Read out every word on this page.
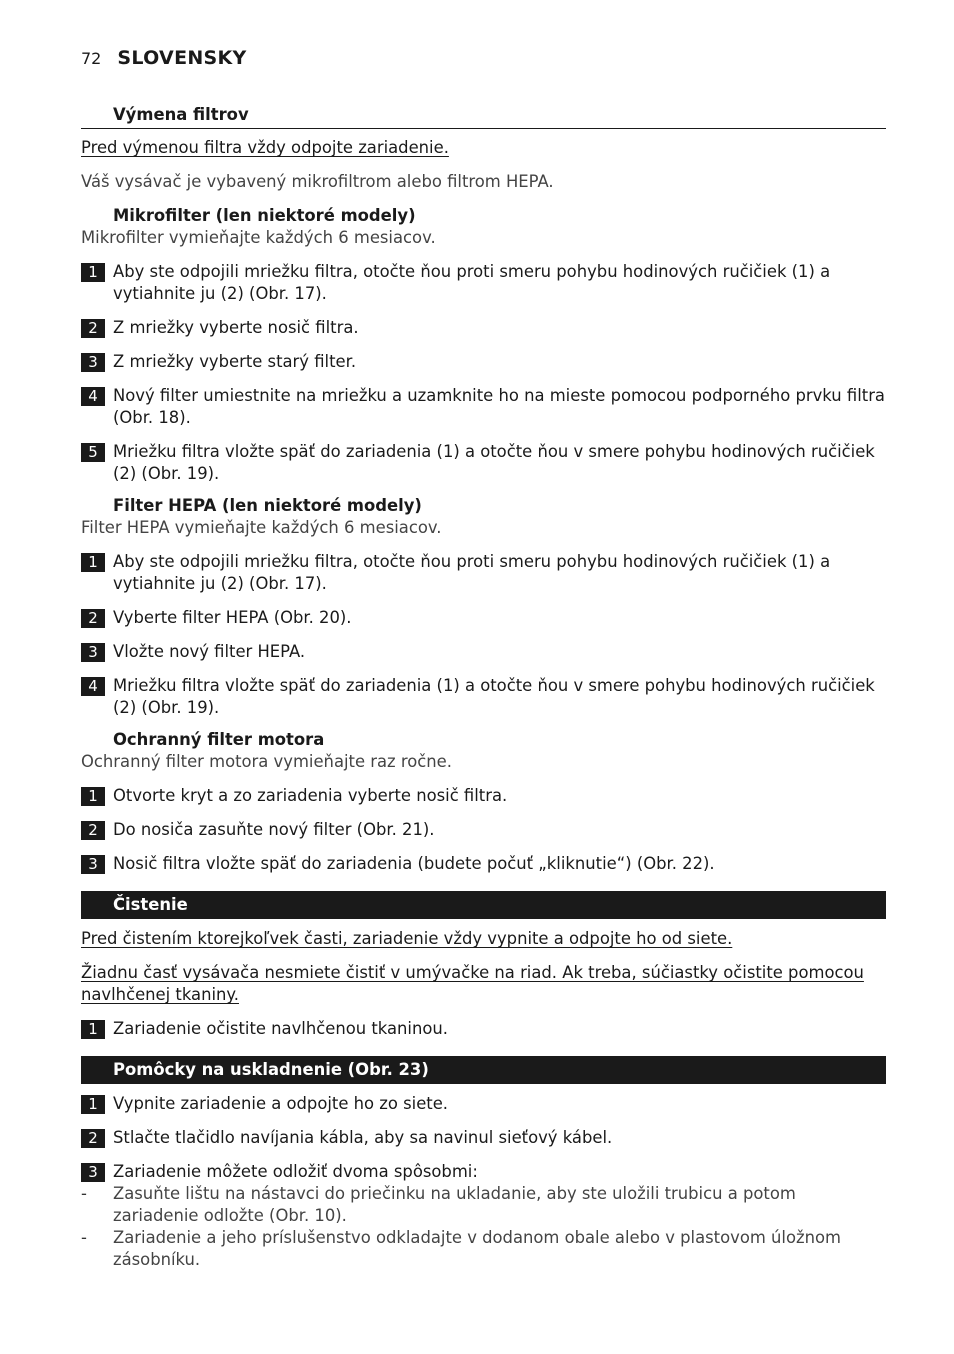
72 SLOVENSKY
Výmena filtrov
Pred výmenou filtra vždy odpojte zariadenie.
Váš vysávač je vybavený mikrofiltrom alebo filtrom HEPA.
Mikrofilter (len niektoré modely)
Mikrofilter vymieňajte každých 6 mesiacov.
1 Aby ste odpojili mriežku filtra, otočte ňou proti smeru pohybu hodinových ručičiek (1) a vytiahnite ju (2) (Obr. 17).
2 Z mriežky vyberte nosič filtra.
3 Z mriežky vyberte starý filter.
4 Nový filter umiestnite na mriežku a uzamknite ho na mieste pomocou podporného prvku filtra (Obr. 18).
5 Mriežku filtra vložte späť do zariadenia (1) a otočte ňou v smere pohybu hodinových ručičiek (2) (Obr. 19).
Filter HEPA (len niektoré modely)
Filter HEPA vymieňajte každých 6 mesiacov.
1 Aby ste odpojili mriežku filtra, otočte ňou proti smeru pohybu hodinových ručičiek (1) a vytiahnite ju (2) (Obr. 17).
2 Vyberte filter HEPA (Obr. 20).
3 Vložte nový filter HEPA.
4 Mriežku filtra vložte späť do zariadenia (1) a otočte ňou v smere pohybu hodinových ručičiek (2) (Obr. 19).
Ochranný filter motora
Ochranný filter motora vymieňajte raz ročne.
1 Otvorte kryt a zo zariadenia vyberte nosič filtra.
2 Do nosiča zasuňte nový filter (Obr. 21).
3 Nosič filtra vložte späť do zariadenia (budete počuť „kliknutie“) (Obr. 22).
Čistenie
Pred čistením ktorejkoľvek časti, zariadenie vždy vypnite a odpojte ho od siete.
Žiadnu časť vysávača nesmiete čistiť v umývačke na riad. Ak treba, súčiastky očistite pomocou navlhčenej tkaniny.
1 Zariadenie očistite navlhčenou tkaninou.
Pomôcky na uskladnenie (Obr. 23)
1 Vypnite zariadenie a odpojte ho zo siete.
2 Stlačte tlačidlo navíjania kábla, aby sa navinul sieťový kábel.
3 Zariadenie môžete odložiť dvoma spôsobmi:
-	Zasuňte lištu na nástavci do priečinku na ukladanie, aby ste uložili trubicu a potom zariadenie odložte (Obr. 10).
-	Zariadenie a jeho príslušenstvo odkladajte v dodanom obale alebo v plastovom úložnom zásobníku.
